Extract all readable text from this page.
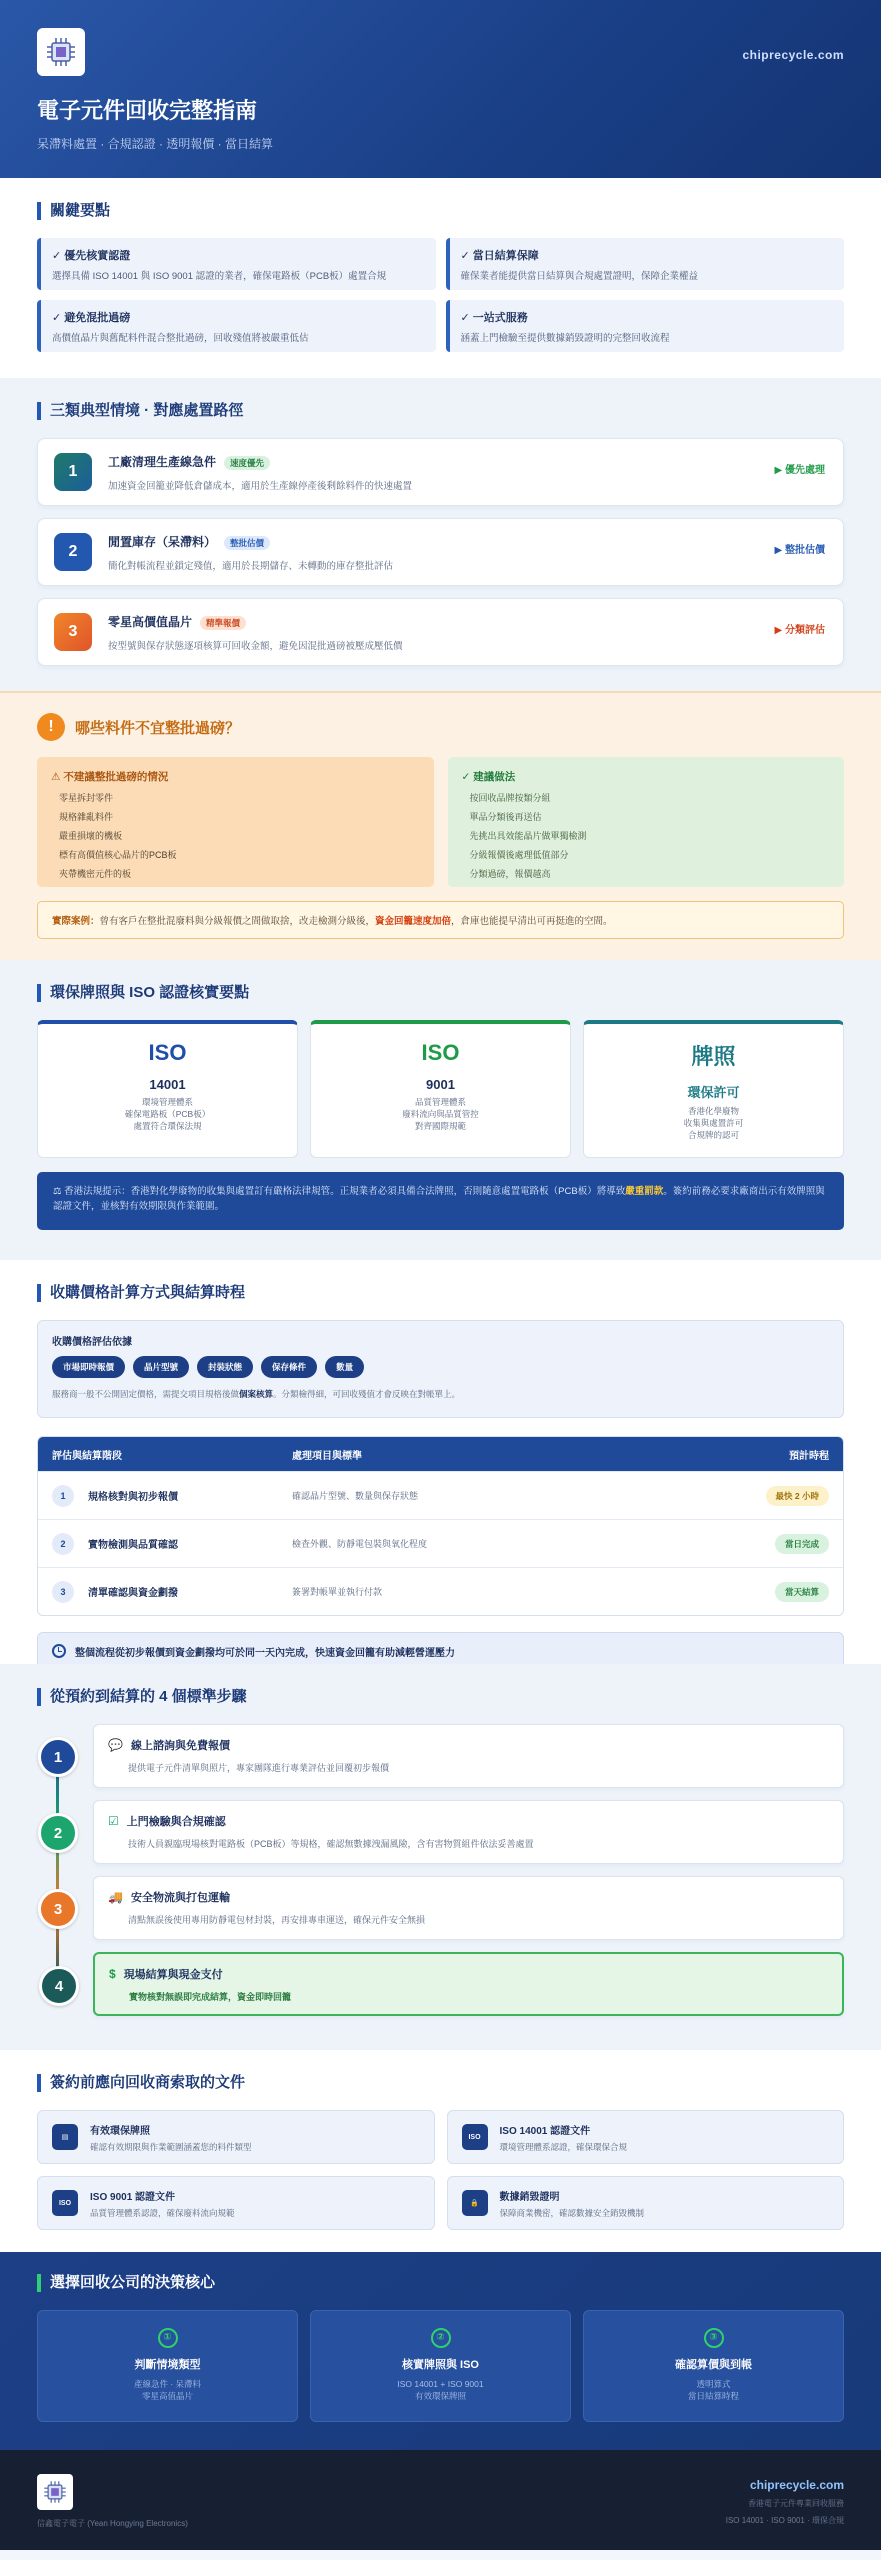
chiprecycle.com
電子元件回收完整指南
呆滯料處置 · 合規認證 · 透明報價 · 當日結算
關鍵要點
✓ 優先核實認證
選擇具備 ISO 14001 與 ISO 9001 認證的業者，確保電路板（PCB板）處置合規
✓ 當日結算保障
確保業者能提供當日結算與合規處置證明，保障企業權益
✓ 避免混批過磅
高價值晶片與舊配料件混合整批過磅，回收殘值將被嚴重低估
✓ 一站式服務
涵蓋上門檢驗至提供數據銷毀證明的完整回收流程
三類典型情境 · 對應處置路徑
1
工廠清理生產線急件 速度優先
加速資金回籠並降低倉儲成本，適用於生產線停產後剩餘料件的快速處置
▶ 優先處理
2
閒置庫存（呆滯料） 整批估價
簡化對帳流程並鎖定殘值，適用於長期儲存、未轉動的庫存整批評估
▶ 整批估價
3
零星高價值晶片 精準報價
按型號與保存狀態逐項核算可回收金額，避免因混批過磅被壓成壓低價
▶ 分類評估
!	哪些料件不宜整批過磅？
⚠ 不建議整批過磅的情況
零星拆封零件
規格雜亂料件
嚴重損壞的機板
標有高價值核心晶片的PCB板
夾帶機密元件的板
✓ 建議做法
按回收品牌按類分組
單品分類後再送估
先挑出具效能晶片做單獨檢測
分級報價後處理低值部分
分類過磅，報價越高
實際案例：曾有客戶在整批混廢料與分級報價之間做取捨，改走檢測分級後，資金回籠速度加倍，倉庫也能提早清出可再挺進的空間。
環保牌照與 ISO 認證核實要點
ISO
14001
環境管理體系
確保電路板（PCB板）
處置符合環保法規
ISO
9001
品質管理體系
廢料流向與品質管控
對齊國際規範
牌照
環保許可
香港化學廢物
收集與處置許可
合規牌的認可
⚖ 香港法規提示：香港對化學廢物的收集與處置訂有嚴格法律規管。正規業者必須具備合法牌照，否則隨意處置電路板（PCB板）將導致嚴重罰款。簽約前務必要求廠商出示有效牌照與認證文件，並核對有效期限與作業範圍。
收購價格計算方式與結算時程
收購價格評估依據
市場即時報價	晶片型號	封裝狀態	保存條件	數量
服務商一般不公開固定價格，需提交項目規格後做個案核算。分類檢得細，可回收殘值才會反映在對帳單上。
評估與結算階段	處理項目與標準	預計時程
1	規格核對與初步報價	確認晶片型號、數量與保存狀態	最快 2 小時
2	實物檢測與品質確認	檢查外觀、防靜電包裝與氧化程度	當日完成
3	清單確認與資金劃撥	簽署對帳單並執行付款	當天結算
整個流程從初步報價到資金劃撥均可於同一天內完成，快速資金回籠有助減輕營運壓力
從預約到結算的 4 個標準步驟
1
💬 線上諮詢與免費報價
提供電子元件清單與照片，專家團隊進行專業評估並回覆初步報價
2
☑ 上門檢驗與合規確認
技術人員親臨現場核對電路板（PCB板）等規格，確認無數據洩漏風險，含有害物質組件依法妥善處置
3
🚚 安全物流與打包運輸
清點無誤後使用專用防靜電包材封裝，再安排專車運送，確保元件安全無損
4
$ 現場結算與現金支付
實物核對無誤即完成結算，資金即時回籠
簽約前應向回收商索取的文件
▤
有效環保牌照
確認有效期限與作業範圍涵蓋您的料件類型
ISO
ISO 14001 認證文件
環境管理體系認證，確保環保合規
ISO
ISO 9001 認證文件
品質管理體系認證，確保廢料流向規範
🔒
數據銷毀證明
保障商業機密，確認數據安全銷毀機制
選擇回收公司的決策核心
①
判斷情境類型
產線急件 · 呆滯料
零星高值晶片
②
核實牌照與 ISO
ISO 14001 + ISO 9001
有效環保牌照
③
確認算價與到帳
透明算式
當日結算時程
信鑫電子電子 (Yean Hong​ying Electronics)
chiprecycle.com
香港電子元件專業回收服務
ISO 14001 · ISO 9001 · 環保合規
